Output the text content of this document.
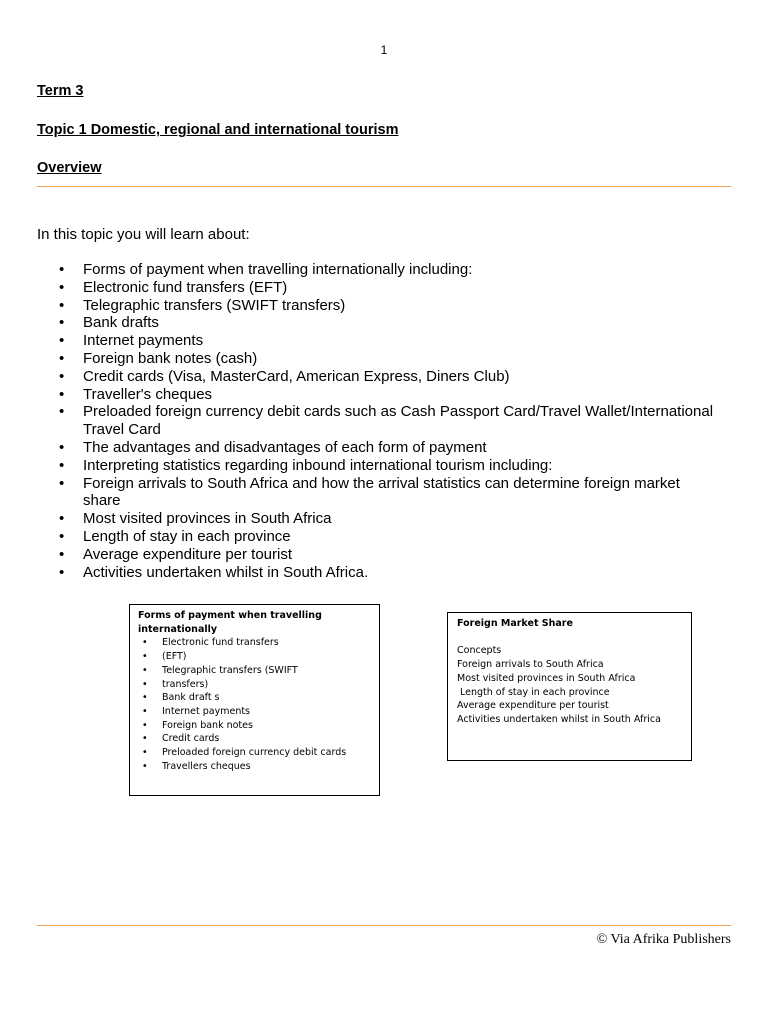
1
Term 3
Topic 1 Domestic, regional and international tourism
Overview
In this topic you will learn about:
• Forms of payment when travelling internationally including:
• Electronic fund transfers (EFT)
• Telegraphic transfers (SWIFT transfers)
• Bank drafts
• Internet payments
• Foreign bank notes (cash)
• Credit cards (Visa, MasterCard, American Express, Diners Club)
• Traveller's cheques
• Preloaded foreign currency debit cards such as Cash Passport Card/Travel Wallet/International Travel Card
• The advantages and disadvantages of each form of payment
• Interpreting statistics regarding inbound international tourism including:
• Foreign arrivals to South Africa and how the arrival statistics can determine foreign market share
• Most visited provinces in South Africa
• Length of stay in each province
• Average expenditure per tourist
• Activities undertaken whilst in South Africa.
Forms of payment when travelling internationally
• Electronic fund transfers
• (EFT)
• Telegraphic transfers (SWIFT
• transfers)
• Bank draft s
• Internet payments
• Foreign bank notes
• Credit cards
• Preloaded foreign currency debit cards
• Travellers cheques
Foreign Market Share
Concepts
Foreign arrivals to South Africa
Most visited provinces in South Africa
Length of stay in each province
Average expenditure per tourist
Activities undertaken whilst in South Africa
© Via Afrika Publishers
